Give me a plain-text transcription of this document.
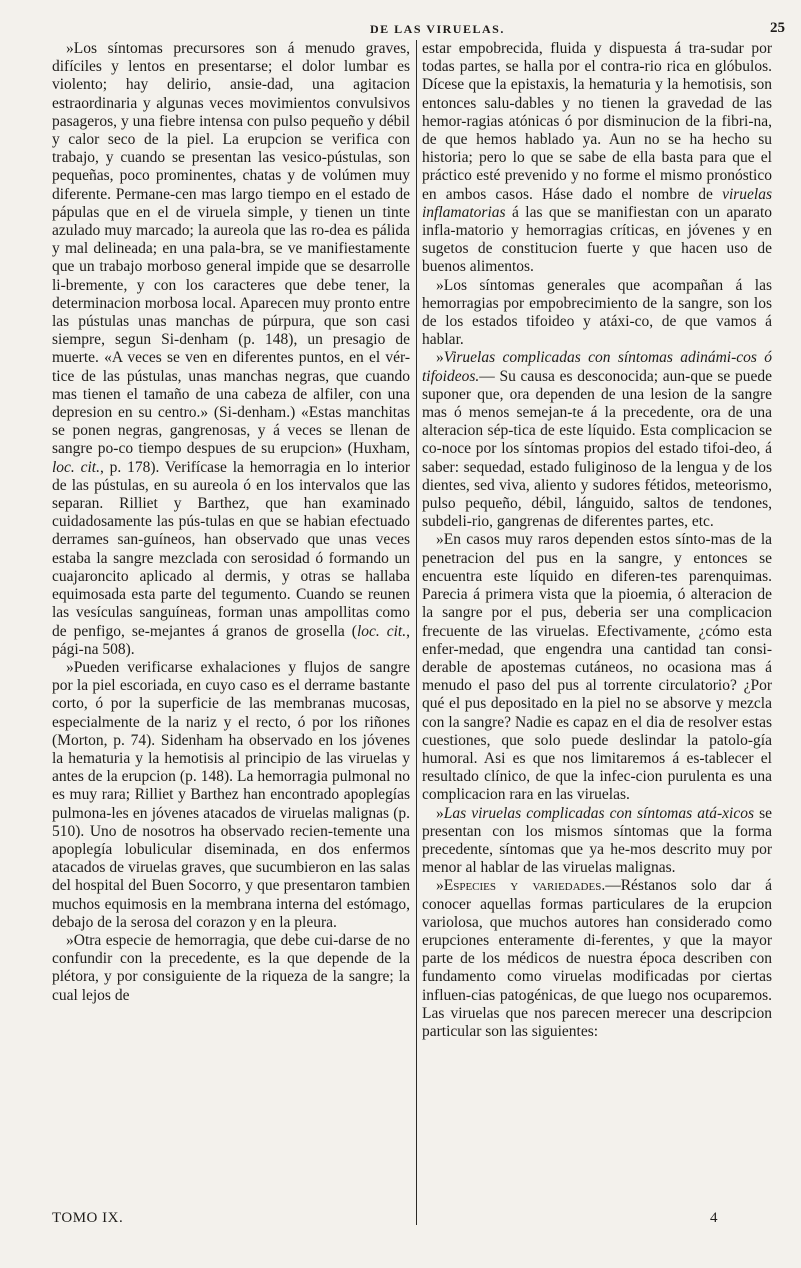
DE LAS VIRUELAS.	25

»Los síntomas precursores son á menudo graves, difíciles y lentos en presentarse; el dolor lumbar es violento; hay delirio, ansie-dad, una agitacion estraordinaria y algunas veces movimientos convulsivos pasageros, y una fiebre intensa con pulso pequeño y débil y calor seco de la piel. La erupcion se verifica con trabajo, y cuando se presentan las vesico-pústulas, son pequeñas, poco prominentes, chatas y de volúmen muy diferente. Permane-cen mas largo tiempo en el estado de pápulas que en el de viruela simple, y tienen un tinte azulado muy marcado; la aureola que las ro-dea es pálida y mal delineada; en una pala-bra, se ve manifiestamente que un trabajo morboso general impide que se desarrolle li-bremente, y con los caracteres que debe tener, la determinacion morbosa local. Aparecen muy pronto entre las pústulas unas manchas de púrpura, que son casi siempre, segun Si-denham (p. 148), un presagio de muerte. «A veces se ven en diferentes puntos, en el vér-tice de las pústulas, unas manchas negras, que cuando mas tienen el tamaño de una cabeza de alfiler, con una depresion en su centro.» (Si-denham.) «Estas manchitas se ponen negras, gangrenosas, y á veces se llenan de sangre po-co tiempo despues de su erupcion» (Huxham, loc. cit., p. 178). Verifícase la hemorragia en lo interior de las pústulas, en su aureola ó en los intervalos que las separan. Rilliet y Barthez, que han examinado cuidadosamente las pús-tulas en que se habian efectuado derrames san-guíneos, han observado que unas veces estaba la sangre mezclada con serosidad ó formando un cuajaroncito aplicado al dermis, y otras se hallaba equimosada esta parte del tegumento. Cuando se reunen las vesículas sanguíneas, forman unas ampollitas como de penfigo, se-mejantes á granos de grosella (loc. cit., pági-na 508).

»Pueden verificarse exhalaciones y flujos de sangre por la piel escoriada, en cuyo caso es el derrame bastante corto, ó por la superficie de las membranas mucosas, especialmente de la nariz y el recto, ó por los riñones (Morton, p. 74). Sidenham ha observado en los jóvenes la hematuria y la hemotisis al principio de las viruelas y antes de la erupcion (p. 148). La hemorragia pulmonal no es muy rara; Rilliet y Barthez han encontrado apoplegías pulmona-les en jóvenes atacados de viruelas malignas (p. 510). Uno de nosotros ha observado recien-temente una apoplegía lobulicular diseminada, en dos enfermos atacados de viruelas graves, que sucumbieron en las salas del hospital del Buen Socorro, y que presentaron tambien muchos equimosis en la membrana interna del estómago, debajo de la serosa del corazon y en la pleura.

»Otra especie de hemorragia, que debe cui-darse de no confundir con la precedente, es la que depende de la plétora, y por consiguiente de la riqueza de la sangre; la cual lejos de

estar empobrecida, fluida y dispuesta á tra-sudar por todas partes, se halla por el contra-rio rica en glóbulos. Dícese que la epistaxis, la hematuria y la hemotisis, son entonces salu-dables y no tienen la gravedad de las hemor-ragias atónicas ó por disminucion de la fibri-na, de que hemos hablado ya. Aun no se ha hecho su historia; pero lo que se sabe de ella basta para que el práctico esté prevenido y no forme el mismo pronóstico en ambos casos. Háse dado el nombre de viruelas inflamatorias á las que se manifiestan con un aparato infla-matorio y hemorragias críticas, en jóvenes y en sugetos de constitucion fuerte y que hacen uso de buenos alimentos.

»Los síntomas generales que acompañan á las hemorragias por empobrecimiento de la sangre, son los de los estados tifoideo y atáxi-co, de que vamos á hablar.

»Viruelas complicadas con síntomas adinámi-cos ó tifoideos.— Su causa es desconocida; aun-que se puede suponer que, ora dependen de una lesion de la sangre mas ó menos semejan-te á la precedente, ora de una alteracion sép-tica de este líquido. Esta complicacion se co-noce por los síntomas propios del estado tifoi-deo, á saber: sequedad, estado fuliginoso de la lengua y de los dientes, sed viva, aliento y sudores fétidos, meteorismo, pulso pequeño, débil, lánguido, saltos de tendones, subdeli-rio, gangrenas de diferentes partes, etc.

»En casos muy raros dependen estos sínto-mas de la penetracion del pus en la sangre, y entonces se encuentra este líquido en diferen-tes parenquimas. Parecia á primera vista que la pioemia, ó alteracion de la sangre por el pus, deberia ser una complicacion frecuente de las viruelas. Efectivamente, ¿cómo esta enfer-medad, que engendra una cantidad tan consi-derable de apostemas cutáneos, no ocasiona mas á menudo el paso del pus al torrente circulatorio? ¿Por qué el pus depositado en la piel no se absorve y mezcla con la sangre? Nadie es capaz en el dia de resolver estas cuestiones, que solo puede deslindar la patolo-gía humoral. Asi es que nos limitaremos á es-tablecer el resultado clínico, de que la infec-cion purulenta es una complicacion rara en las viruelas.

»Las viruelas complicadas con síntomas atá-xicos se presentan con los mismos síntomas que la forma precedente, síntomas que ya he-mos descrito muy por menor al hablar de las viruelas malignas.

»Especies y variedades.—Réstanos solo dar á conocer aquellas formas particulares de la erupcion variolosa, que muchos autores han considerado como erupciones enteramente di-ferentes, y que la mayor parte de los médicos de nuestra época describen con fundamento como viruelas modificadas por ciertas influen-cias patogénicas, de que luego nos ocuparemos. Las viruelas que nos parecen merecer una descripcion particular son las siguientes:

TOMO IX.	4
